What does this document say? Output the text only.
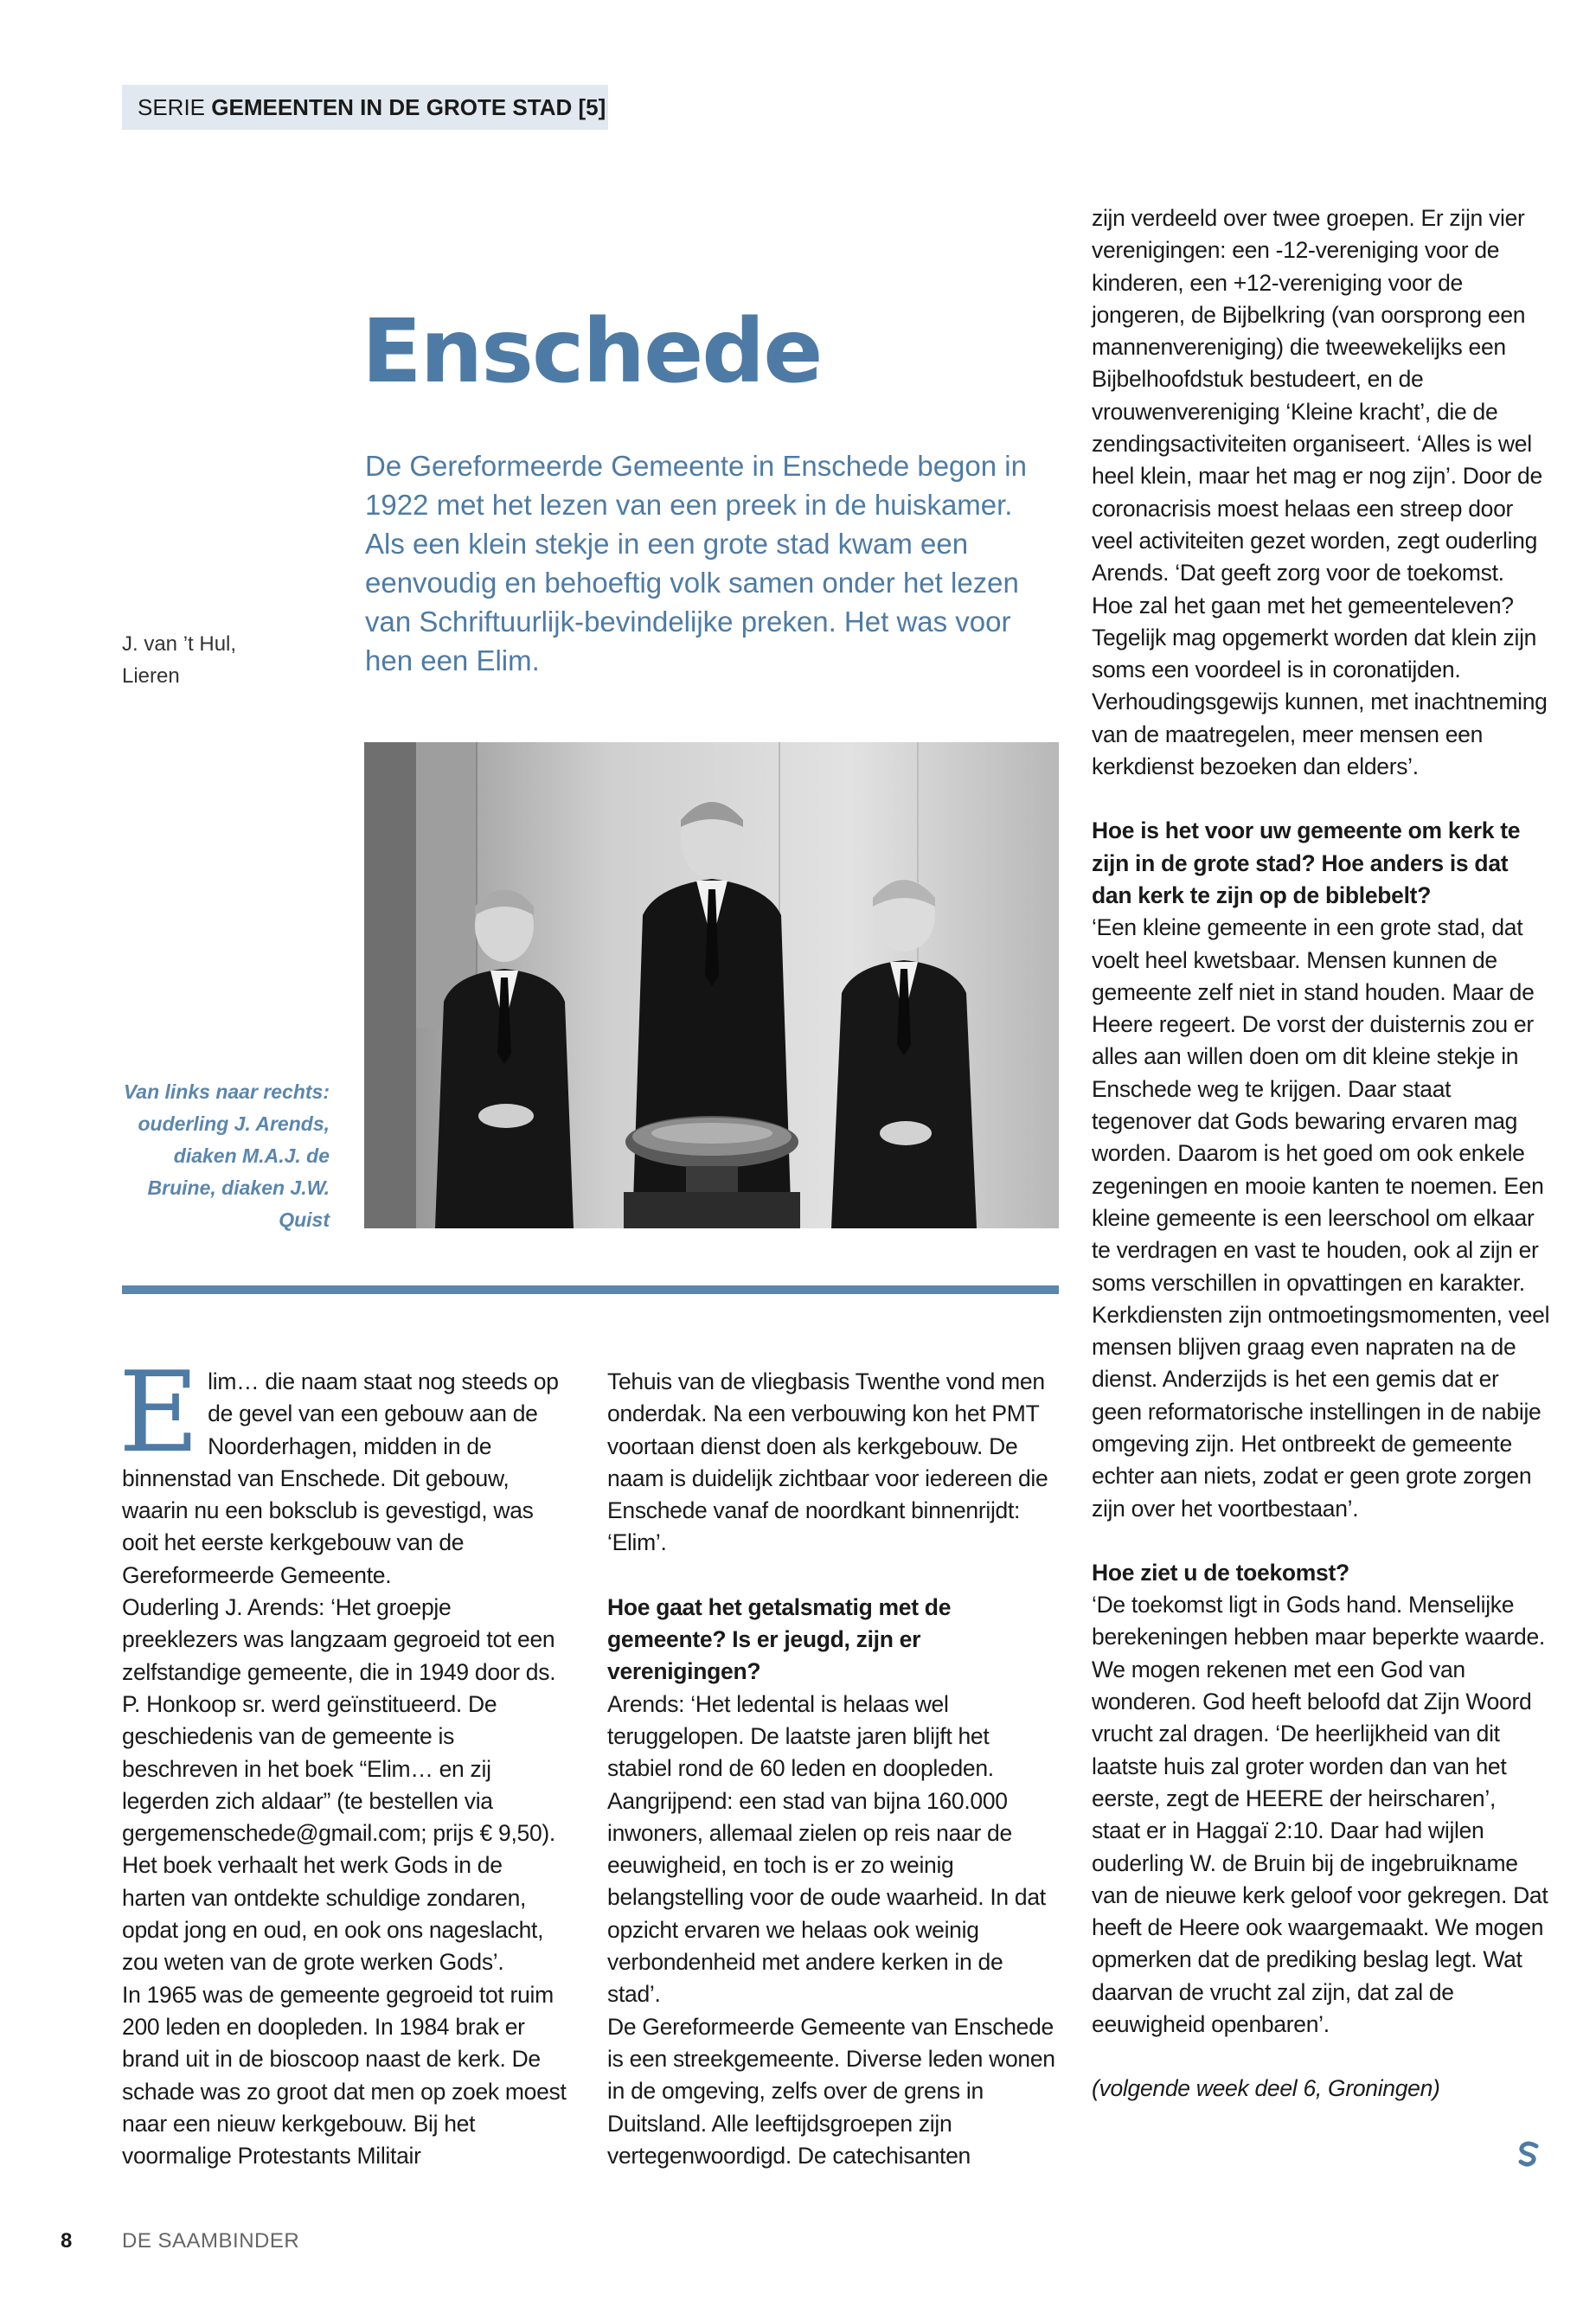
SERIE GEMEENTEN IN DE GROTE STAD [5]
Enschede

De Gereformeerde Gemeente in Enschede begon in 1922 met het lezen van een preek in de huiskamer. Als een klein stekje in een grote stad kwam een eenvoudig en behoeftig volk samen onder het lezen van Schriftuurlijk-bevindelijke preken. Het was voor hen een Elim.

J. van ’t Hul,
Lieren
Van links naar rechts: ouderling J. Arends, diaken M.A.J. de Bruine, diaken J.W. Quist

Elim… die naam staat nog steeds op de gevel van een gebouw aan de Noorderhagen, midden in de binnenstad van Enschede. Dit gebouw, waarin nu een boksclub is gevestigd, was ooit het eerste kerkgebouw van de Gereformeerde Gemeente.

Ouderling J. Arends: ‘Het groepje preeklezers was langzaam gegroeid tot een zelfstandige gemeente, die in 1949 door ds. P. Honkoop sr. werd geïnstitueerd. De geschiedenis van de gemeente is beschreven in het boek “Elim… en zij legerden zich aldaar” (te bestellen via gergemenschede@gmail.com; prijs € 9,50). Het boek verhaalt het werk Gods in de harten van ontdekte schuldige zondaren, opdat jong en oud, en ook ons nageslacht, zou weten van de grote werken Gods’.

In 1965 was de gemeente gegroeid tot ruim 200 leden en doopleden. In 1984 brak er brand uit in de bioscoop naast de kerk. De schade was zo groot dat men op zoek moest naar een nieuw kerkgebouw. Bij het voormalige Protestants Militair

Tehuis van de vliegbasis Twenthe vond men onderdak. Na een verbouwing kon het PMT voortaan dienst doen als kerkgebouw. De naam is duidelijk zichtbaar voor iedereen die Enschede vanaf de noordkant binnenrijdt: ‘Elim’.

Hoe gaat het getalsmatig met de gemeente? Is er jeugd, zijn er verenigingen?

Arends: ‘Het ledental is helaas wel teruggelopen. De laatste jaren blijft het stabiel rond de 60 leden en doopleden. Aangrijpend: een stad van bijna 160.000 inwoners, allemaal zielen op reis naar de eeuwigheid, en toch is er zo weinig belangstelling voor de oude waarheid. In dat opzicht ervaren we helaas ook weinig verbondenheid met andere kerken in de stad’.

De Gereformeerde Gemeente van Enschede is een streekgemeente. Diverse leden wonen in de omgeving, zelfs over de grens in Duitsland. Alle leeftijdsgroepen zijn vertegenwoordigd. De catechisanten

zijn verdeeld over twee groepen. Er zijn vier verenigingen: een -12-vereniging voor de kinderen, een +12-vereniging voor de jongeren, de Bijbelkring (van oorsprong een mannenvereniging) die tweewekelijks een Bijbelhoofdstuk bestudeert, en de vrouwenvereniging ‘Kleine kracht’, die de zendingsactiviteiten organiseert. ‘Alles is wel heel klein, maar het mag er nog zijn’. Door de coronacrisis moest helaas een streep door veel activiteiten gezet worden, zegt ouderling Arends. ‘Dat geeft zorg voor de toekomst. Hoe zal het gaan met het gemeenteleven? Tegelijk mag opgemerkt worden dat klein zijn soms een voordeel is in coronatijden. Verhoudingsgewijs kunnen, met inachtneming van de maatregelen, meer mensen een kerkdienst bezoeken dan elders’.

Hoe is het voor uw gemeente om kerk te zijn in de grote stad? Hoe anders is dat dan kerk te zijn op de biblebelt?

‘Een kleine gemeente in een grote stad, dat voelt heel kwetsbaar. Mensen kunnen de gemeente zelf niet in stand houden. Maar de Heere regeert. De vorst der duisternis zou er alles aan willen doen om dit kleine stekje in Enschede weg te krijgen. Daar staat tegenover dat Gods bewaring ervaren mag worden. Daarom is het goed om ook enkele zegeningen en mooie kanten te noemen. Een kleine gemeente is een leerschool om elkaar te verdragen en vast te houden, ook al zijn er soms verschillen in opvattingen en karakter. Kerkdiensten zijn ontmoetingsmomenten, veel mensen blijven graag even napraten na de dienst. Anderzijds is het een gemis dat er geen reformatorische instellingen in de nabije omgeving zijn. Het ontbreekt de gemeente echter aan niets, zodat er geen grote zorgen zijn over het voortbestaan’.

Hoe ziet u de toekomst?

‘De toekomst ligt in Gods hand. Menselijke berekeningen hebben maar beperkte waarde. We mogen rekenen met een God van wonderen. God heeft beloofd dat Zijn Woord vrucht zal dragen. ‘De heerlijkheid van dit laatste huis zal groter worden dan van het eerste, zegt de HEERE der heirscharen’, staat er in Haggaï 2:10. Daar had wijlen ouderling W. de Bruin bij de ingebruikname van de nieuwe kerk geloof voor gekregen. Dat heeft de Heere ook waargemaakt. We mogen opmerken dat de prediking beslag legt. Wat daarvan de vrucht zal zijn, dat zal de eeuwigheid openbaren’.

(volgende week deel 6, Groningen)

8 DE SAAMBINDER
